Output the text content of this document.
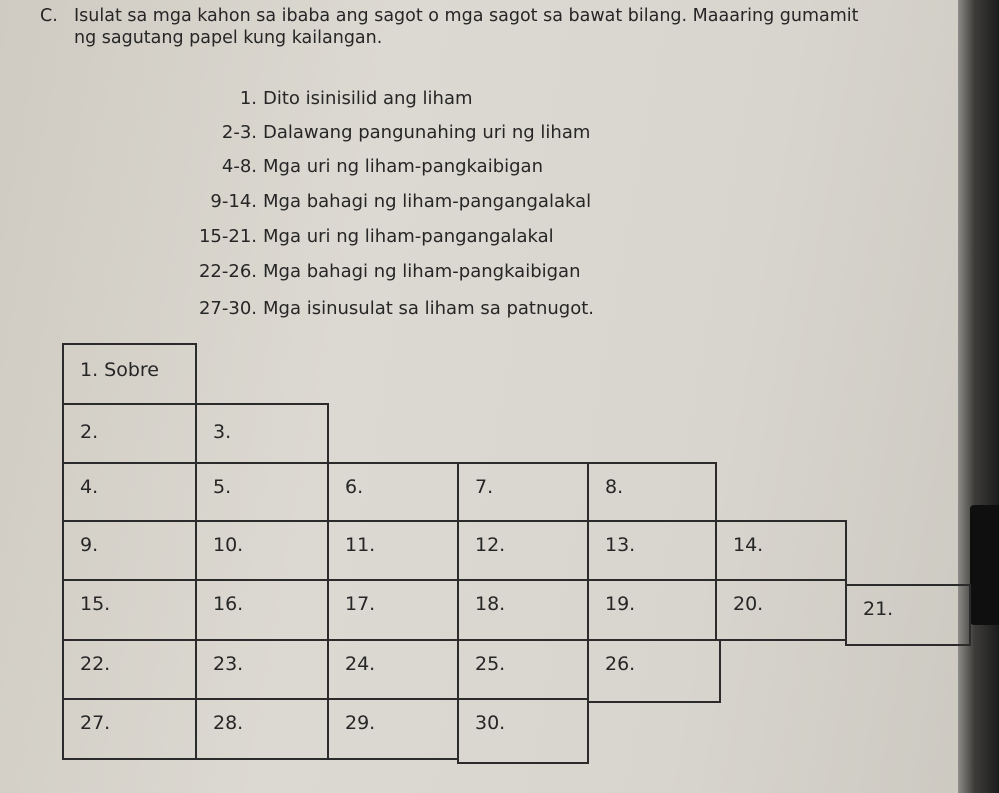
C. Isulat sa mga kahon sa ibaba ang sagot o mga sagot sa bawat bilang. Maaaring gumamit
ng sagutang papel kung kailangan.
1. Dito isinisilid ang liham
2-3. Dalawang pangunahing uri ng liham
4-8. Mga uri ng liham-pangkaibigan
9-14. Mga bahagi ng liham-pangangalakal
15-21. Mga uri ng liham-pangangalakal
22-26. Mga bahagi ng liham-pangkaibigan
27-30. Mga isinusulat sa liham sa patnugot.
1. Sobre
2.	3.
4.	5.	6.	7.	8.
9.	10.	11.	12.	13.	14.
15.	16.	17.	18.	19.	20.	21.
22.	23.	24.	25.	26.
27.	28.	29.	30.
